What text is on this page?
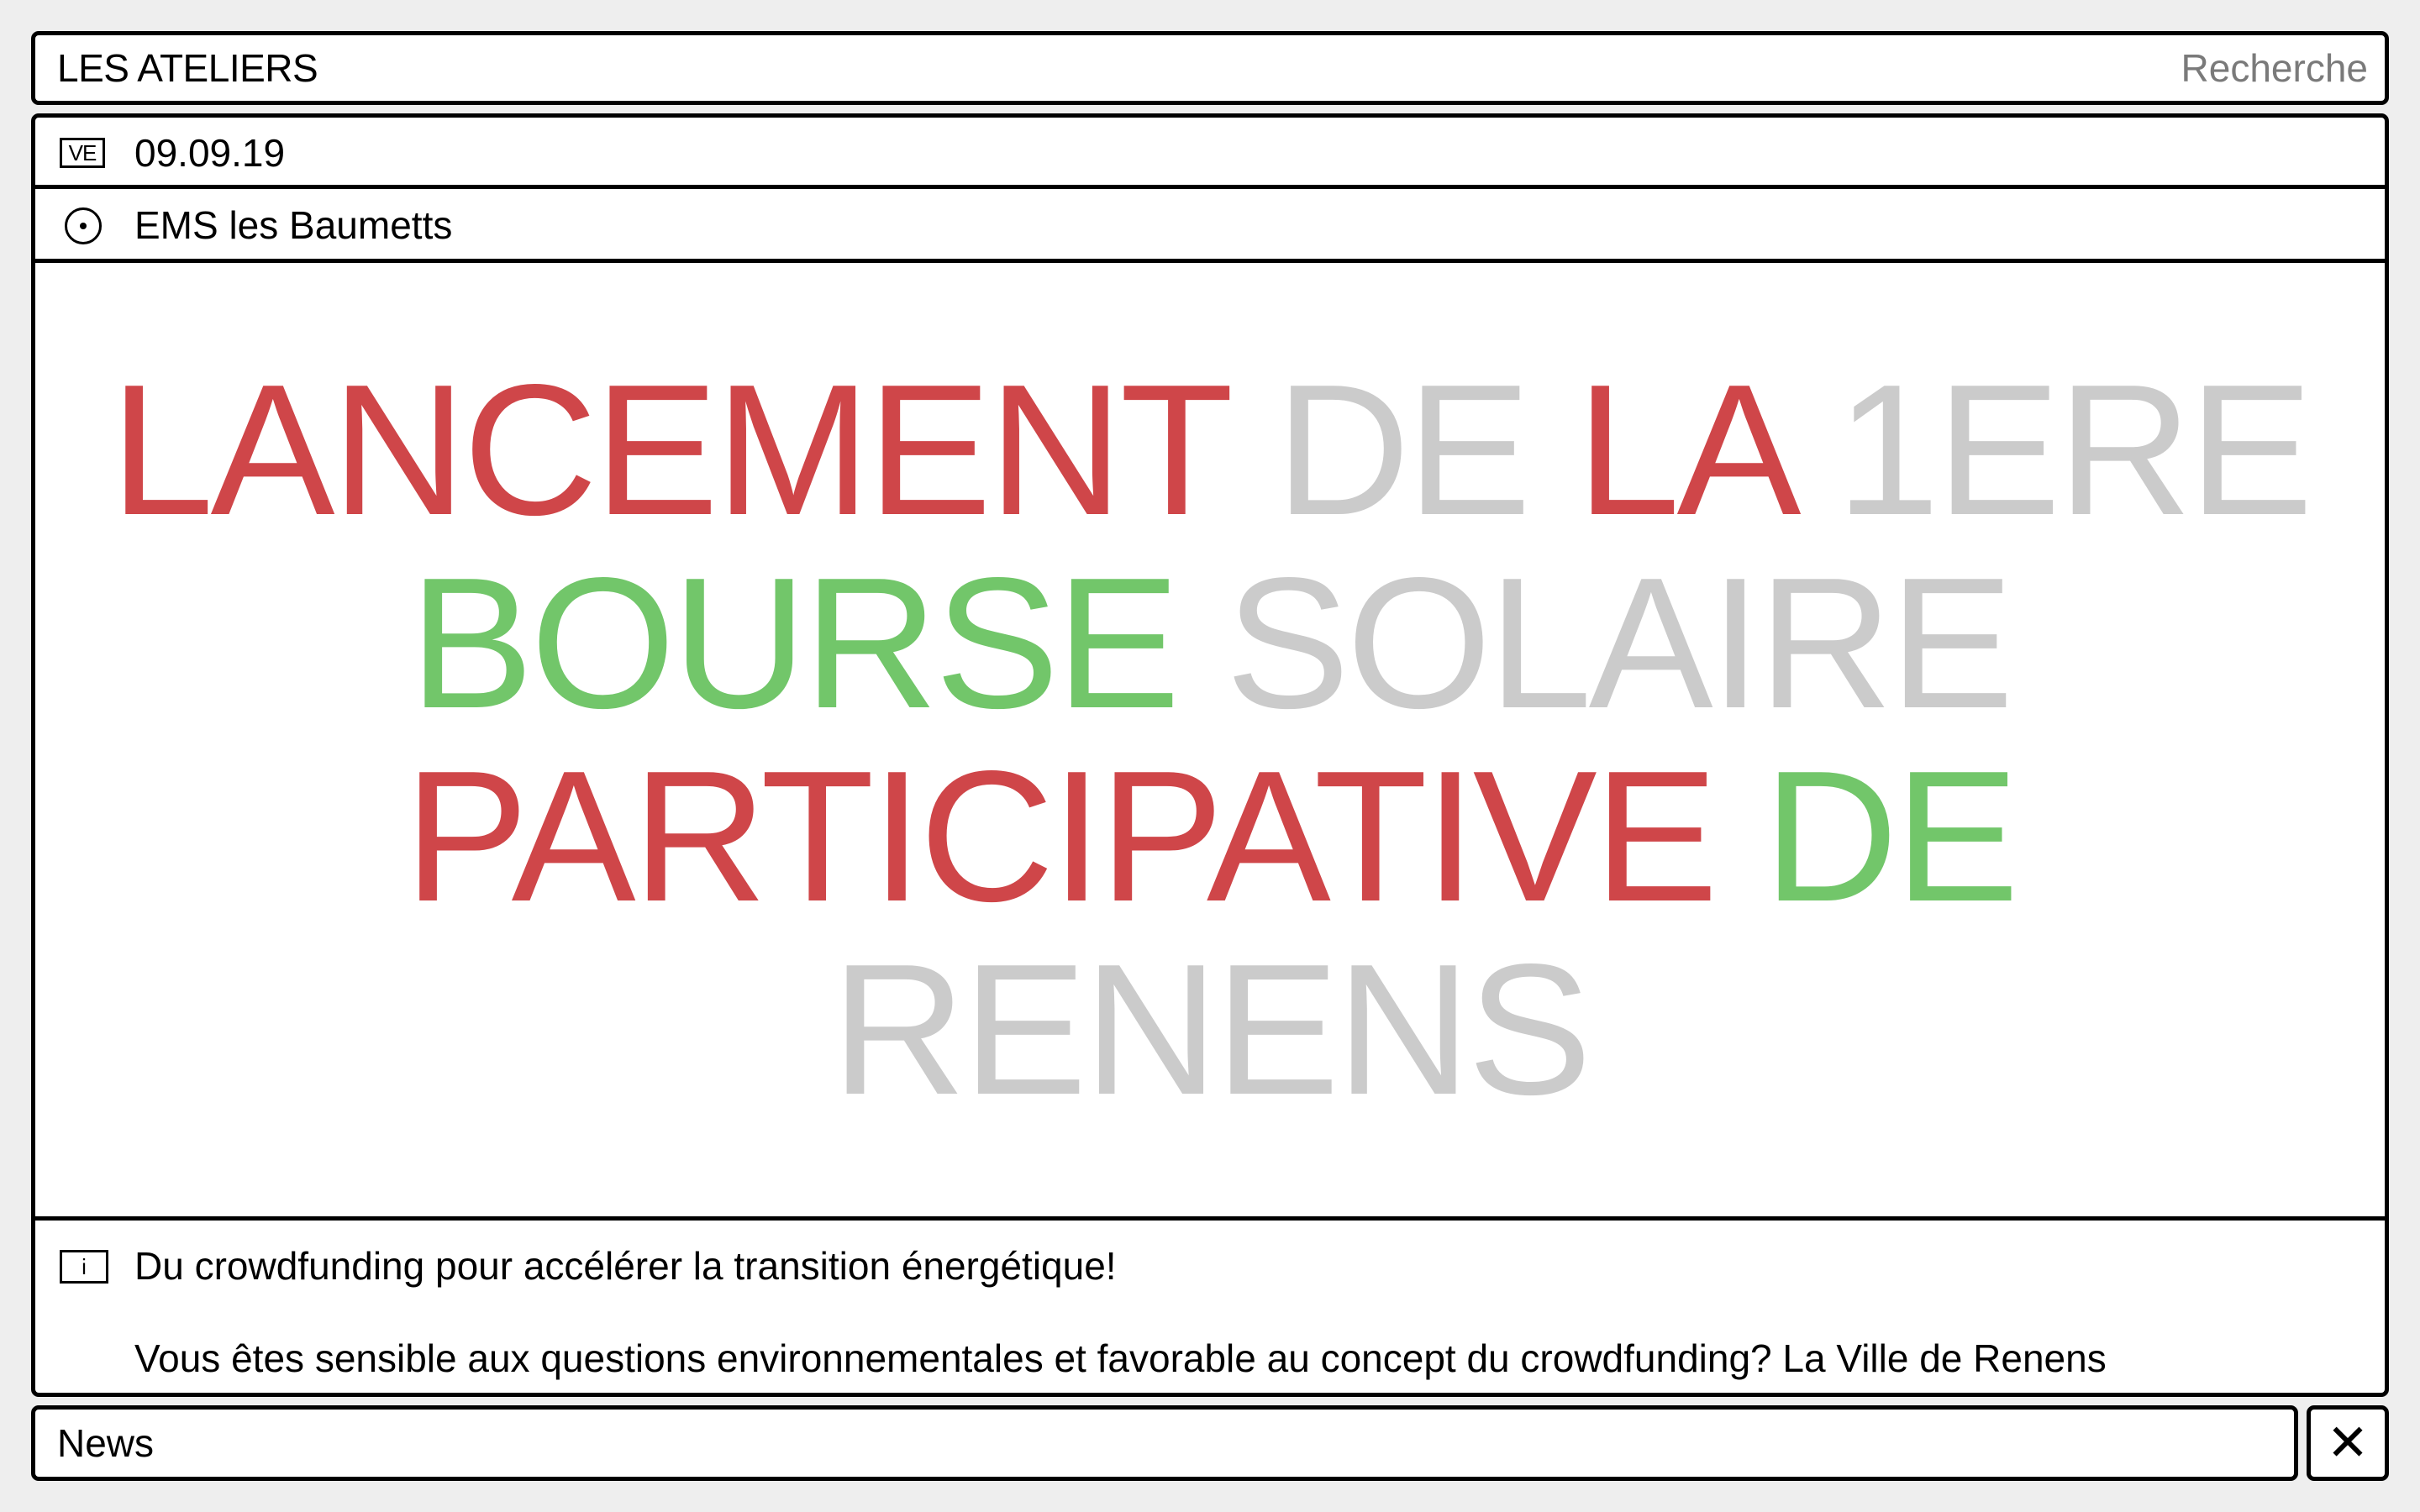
LES ATELIERS	Recherche
VE 09.09.19
EMS les Baumetts
LANCEMENT DE LA 1ERE BOURSE SOLAIRE PARTICIPATIVE DE RENENS
i	Du crowdfunding pour accélérer la transition énergétique!

Vous êtes sensible aux questions environnementales et favorable au concept du crowdfunding? La Ville de Renens

News	✕
